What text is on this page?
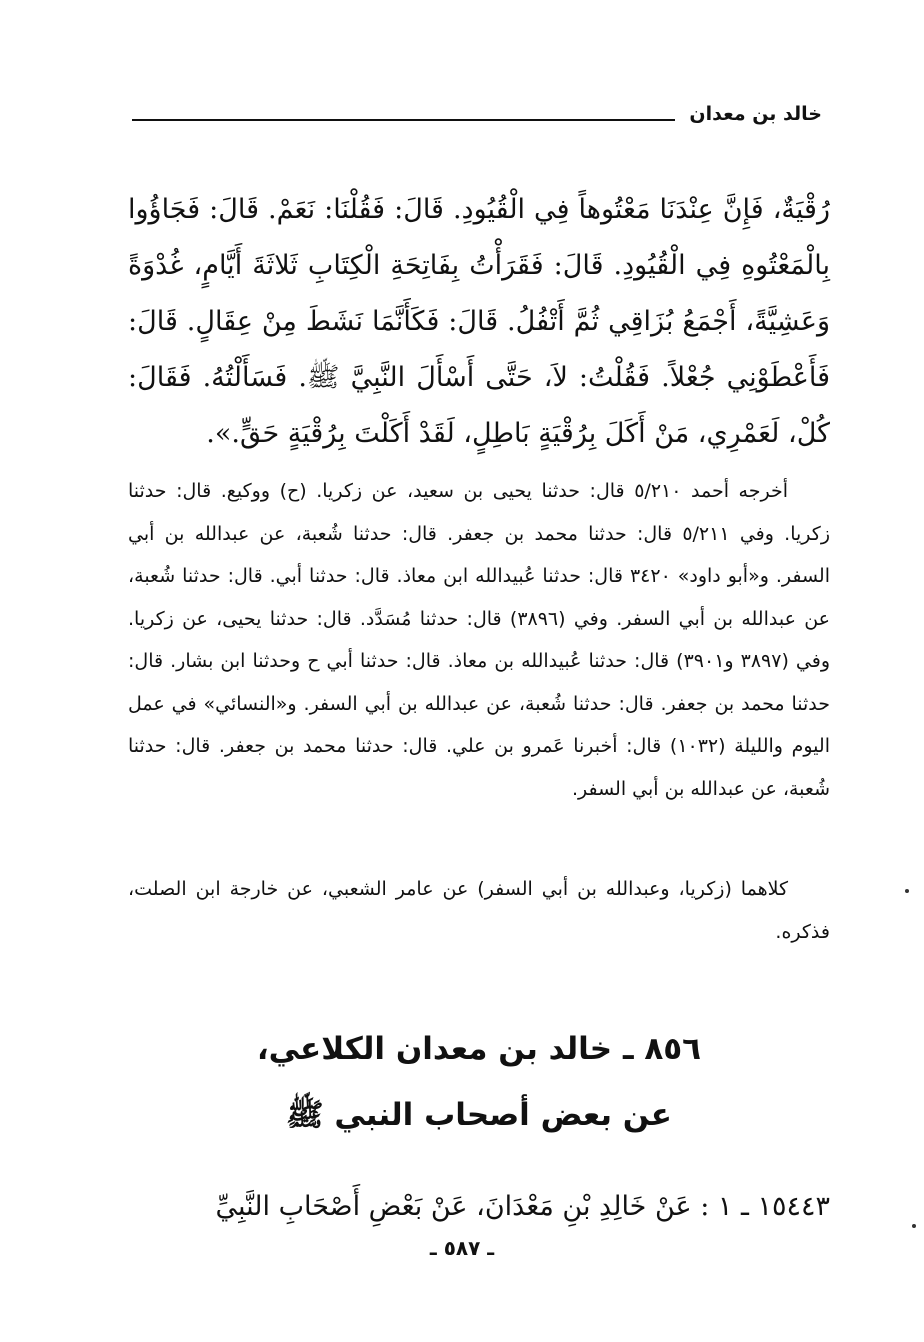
خالد بن معدان

رُقْيَةٌ، فَإِنَّ عِنْدَنَا مَعْتُوهاً فِي الْقُيُودِ. قَالَ: فَقُلْنَا: نَعَمْ. قَالَ: فَجَاؤُوا بِالْمَعْتُوهِ فِي الْقُيُودِ. قَالَ: فَقَرَأْتُ بِفَاتِحَةِ الْكِتَابِ ثَلاثَةَ أَيَّامٍ، غُدْوَةً وَعَشِيَّةً، أَجْمَعُ بُزَاقِي ثُمَّ أَتْفُلُ. قَالَ: فَكَأَنَّمَا نَشَطَ مِنْ عِقَالٍ. قَالَ: فَأَعْطَوْنِي جُعْلاً. فَقُلْتُ: لاَ، حَتَّى أَسْأَلَ النَّبِيَّ ﷺ. فَسَأَلْتُهُ. فَقَالَ: كُلْ، لَعَمْرِي، مَنْ أَكَلَ بِرُقْيَةٍ بَاطِلٍ، لَقَدْ أَكَلْتَ بِرُقْيَةٍ حَقٍّ.».

أخرجه أحمد ٥/٢١٠ قال: حدثنا يحيى بن سعيد، عن زكريا. (ح) ووكيع. قال: حدثنا زكريا. وفي ٥/٢١١ قال: حدثنا محمد بن جعفر. قال: حدثنا شُعبة، عن عبدالله بن أبي السفر. و«أبو داود» ٣٤٢٠ قال: حدثنا عُبيدالله ابن معاذ. قال: حدثنا أبي. قال: حدثنا شُعبة، عن عبدالله بن أبي السفر. وفي (٣٨٩٦) قال: حدثنا مُسَدَّد. قال: حدثنا يحيى، عن زكريا. وفي (٣٨٩٧ و٣٩٠١) قال: حدثنا عُبيدالله بن معاذ. قال: حدثنا أبي ح وحدثنا ابن بشار. قال: حدثنا محمد بن جعفر. قال: حدثنا شُعبة، عن عبدالله بن أبي السفر. و«النسائي» في عمل اليوم والليلة (١٠٣٢) قال: أخبرنا عَمرو بن علي. قال: حدثنا محمد بن جعفر. قال: حدثنا شُعبة، عن عبدالله بن أبي السفر.

كلاهما (زكريا، وعبدالله بن أبي السفر) عن عامر الشعبي، عن خارجة ابن الصلت، فذكره.

٨٥٦ ـ خالد بن معدان الكلاعي،
عن بعض أصحاب النبي ﷺ

١٥٤٤٣ ـ ١ : عَنْ خَالِدِ بْنِ مَعْدَانَ، عَنْ بَعْضِ أَصْحَابِ النَّبِيِّ

ـ ٥٨٧ ـ
